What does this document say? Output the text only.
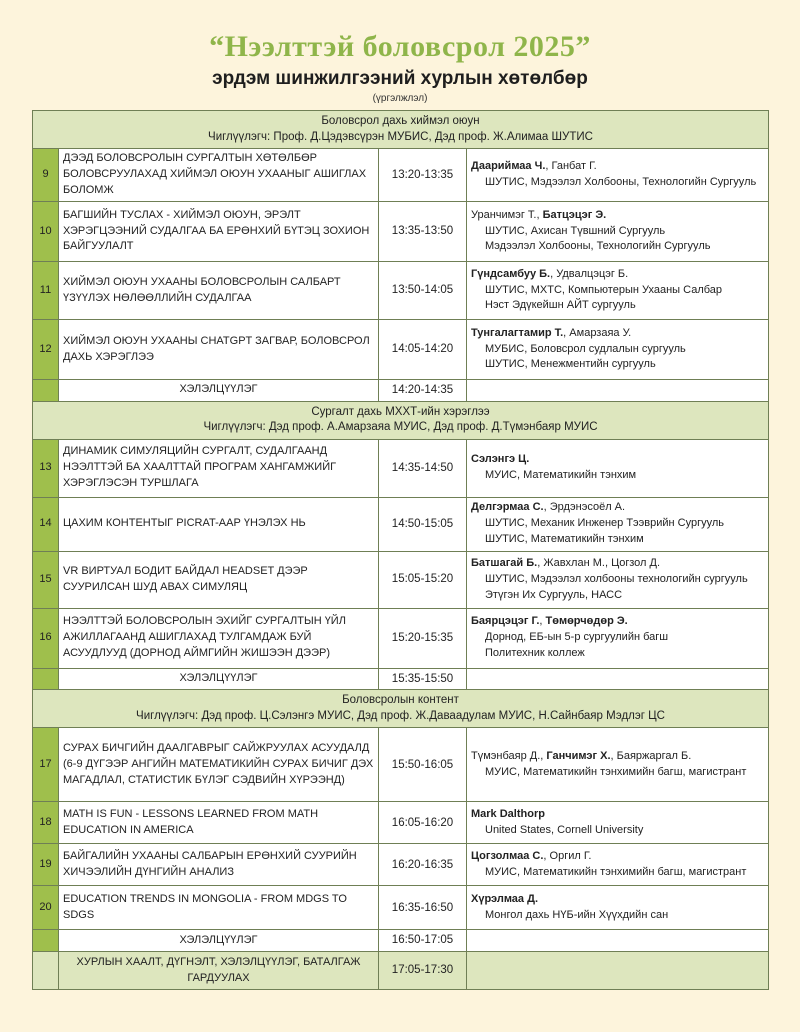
“Нээлттэй боловсрол 2025”
эрдэм шинжилгээний хурлын хөтөлбөр
(үргэлжлэл)
Боловсрол дахь хиймэл оюун
Чиглүүлэгч: Проф. Д.Цэдэвсүрэн МУБИС, Дэд проф. Ж.Алимаа ШУТИС			

9	ДЭЭД БОЛОВСРОЛЫН СУРГАЛТЫН ХӨТӨЛБӨР БОЛОВСРУУЛАХАД ХИЙМЭЛ ОЮУН УХААНЫГ АШИГЛАХ БОЛОМЖ	13:20-13:35	Даариймаа Ч., Ганбат Г.
ШУТИС, Мэдээлэл Холбооны, Технологийн Сургууль

10	БАГШИЙН ТУСЛАХ - ХИЙМЭЛ ОЮУН, ЭРЭЛТ ХЭРЭГЦЭЭНИЙ СУДАЛГАА БА ЕРӨНХИЙ БҮТЭЦ ЗОХИОН БАЙГУУЛАЛТ	13:35-13:50	Уранчимэг Т., Батцэцэг Э.
ШУТИС, Ахисан Түвшний Сургууль
Мэдээлэл Холбооны, Технологийн Сургууль

11	ХИЙМЭЛ ОЮУН УХААНЫ БОЛОВСРОЛЫН САЛБАРТ ҮЗҮҮЛЭХ НӨЛӨӨЛЛИЙН СУДАЛГАА	13:50-14:05	Гүндсамбуу Б., Удвалцэцэг Б.
ШУТИС, МХТС, Компьютерын Ухааны Салбар
Нэст Эдүкейшн АЙТ сургууль

12	ХИЙМЭЛ ОЮУН УХААНЫ CHATGPT ЗАГВАР, БОЛОВСРОЛ ДАХЬ ХЭРЭГЛЭЭ	14:05-14:20	Тунгалагтамир Т., Амарзаяа У.
МУБИС, Боловсрол судлалын сургууль
ШУТИС, Менежментийн сургууль

	ХЭЛЭЛЦҮҮЛЭГ	14:20-14:35	

Сургалт дахь МХХТ-ийн хэрэглээ
Чиглүүлэгч: Дэд проф. А.Амарзаяа МУИС, Дэд проф. Д.Түмэнбаяр МУИС			

13	ДИНАМИК СИМУЛЯЦИЙН СУРГАЛТ, СУДАЛГААНД НЭЭЛТТЭЙ БА ХААЛТТАЙ ПРОГРАМ ХАНГАМЖИЙГ ХЭРЭГЛЭСЭН ТУРШЛАГА	14:35-14:50	Сэлэнгэ Ц.
МУИС, Математикийн тэнхим

14	ЦАХИМ КОНТЕНТЫГ PICRAT-ААР ҮНЭЛЭХ НЬ	14:50-15:05	Делгэрмаа С., Эрдэнэсоёл А.
ШУТИС, Механик Инженер Тээврийн Сургууль
ШУТИС, Математикийн тэнхим

15	VR ВИРТУАЛ БОДИТ БАЙДАЛ HEADSET ДЭЭР СУУРИЛСАН ШУД АВАХ СИМУЛЯЦ	15:05-15:20	Батшагай Б., Жавхлан М., Цогзол Д.
ШУТИС, Мэдээлэл холбооны технологийн сургууль
Этүгэн Их Сургууль, НАСС

16	НЭЭЛТТЭЙ БОЛОВСРОЛЫН ЭХИЙГ СУРГАЛТЫН ҮЙЛ АЖИЛЛАГААНД АШИГЛАХАД ТУЛГАМДАЖ БУЙ АСУУДЛУУД (ДОРНОД АЙМГИЙН ЖИШЭЭН ДЭЭР)	15:20-15:35	Баярцэцэг Г., Төмөрчөдөр Э.
Дорнод, ЕБ-ын 5-р сургуулийн багш
Политехник коллеж

	ХЭЛЭЛЦҮҮЛЭГ	15:35-15:50	

Боловсролын контент
Чиглүүлэгч: Дэд проф. Ц.Сэлэнгэ МУИС, Дэд проф. Ж.Даваадулам МУИС, Н.Сайнбаяр Мэдлэг ЦС			

17	СУРАХ БИЧГИЙН ДААЛГАВРЫГ САЙЖРУУЛАХ АСУУДАЛД (6-9 ДҮГЭЭР АНГИЙН МАТЕМАТИКИЙН СУРАХ БИЧИГ ДЭХ МАГАДЛАЛ, СТАТИСТИК БҮЛЭГ СЭДВИЙН ХҮРЭЭНД)	15:50-16:05	Түмэнбаяр Д., Ганчимэг Х., Баяржаргал Б.
МУИС, Математикийн тэнхимийн багш, магистрант

18	MATH IS FUN - LESSONS LEARNED FROM MATH EDUCATION IN AMERICA	16:05-16:20	Mark Dalthorp
United States, Cornell University

19	БАЙГАЛИЙН УХААНЫ САЛБАРЫН ЕРӨНХИЙ СУУРИЙН ХИЧЭЭЛИЙН ДҮНГИЙН АНАЛИЗ	16:20-16:35	Цогзолмаа С., Оргил Г.
МУИС, Математикийн тэнхимийн багш, магистрант

20	EDUCATION TRENDS IN MONGOLIA - FROM MDGS TO SDGS	16:35-16:50	Хүрэлмаа Д.
Монгол дахь НҮБ-ийн Хүүхдийн сан

	ХЭЛЭЛЦҮҮЛЭГ	16:50-17:05	
	ХУРЛЫН ХААЛТ, ДҮГНЭЛТ, ХЭЛЭЛЦҮҮЛЭГ, БАТАЛГАЖ ГАРДУУЛАХ	17:05-17:30	
